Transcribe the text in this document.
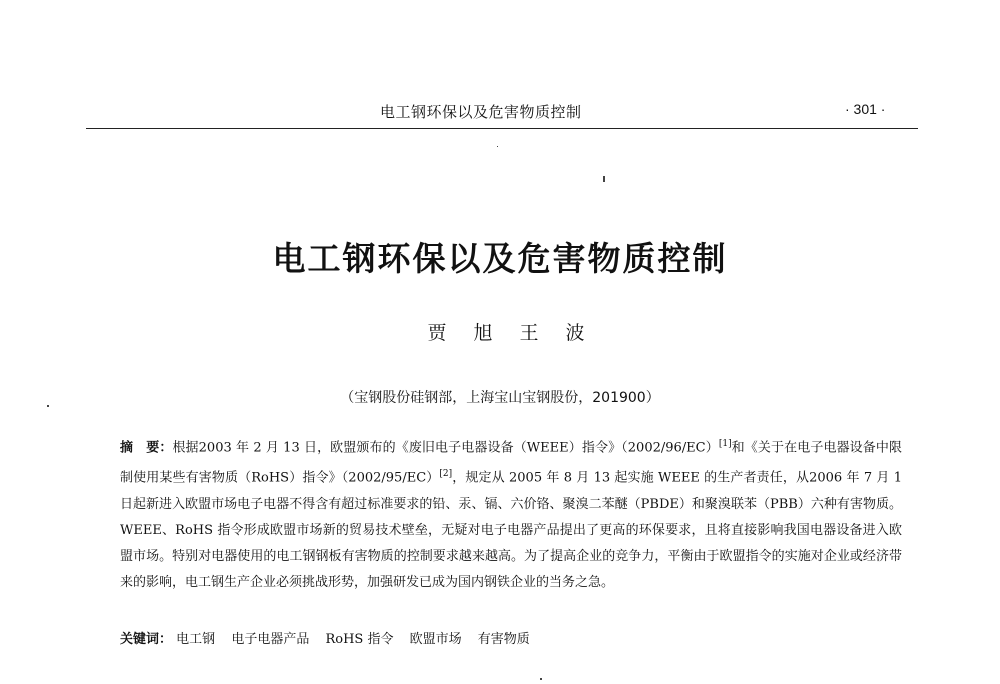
电工钢环保以及危害物质控制	· 301 ·
电工钢环保以及危害物质控制
贾　旭　王　波
（宝钢股份硅钢部，上海宝山宝钢股份，201900）
摘　要：根据2003 年 2 月 13 日，欧盟颁布的《废旧电子电器设备（WEEE）指令》（2002/96/EC）[1]和《关于在电子电器设备中限制使用某些有害物质（RoHS）指令》（2002/95/EC）[2]，规定从 2005 年 8 月 13 起实施 WEEE 的生产者责任，从2006 年 7 月 1 日起新进入欧盟市场电子电器不得含有超过标准要求的铅、汞、镉、六价铬、聚溴二苯醚（PBDE）和聚溴联苯（PBB）六种有害物质。WEEE、RoHS 指令形成欧盟市场新的贸易技术壁垒，无疑对电子电器产品提出了更高的环保要求，且将直接影响我国电器设备进入欧盟市场。特别对电器使用的电工钢钢板有害物质的控制要求越来越高。为了提高企业的竞争力，平衡由于欧盟指令的实施对企业或经济带来的影响，电工钢生产企业必须挑战形势，加强研发已成为国内钢铁企业的当务之急。
关键词： 电工钢 电子电器产品 RoHS 指令 欧盟市场 有害物质
